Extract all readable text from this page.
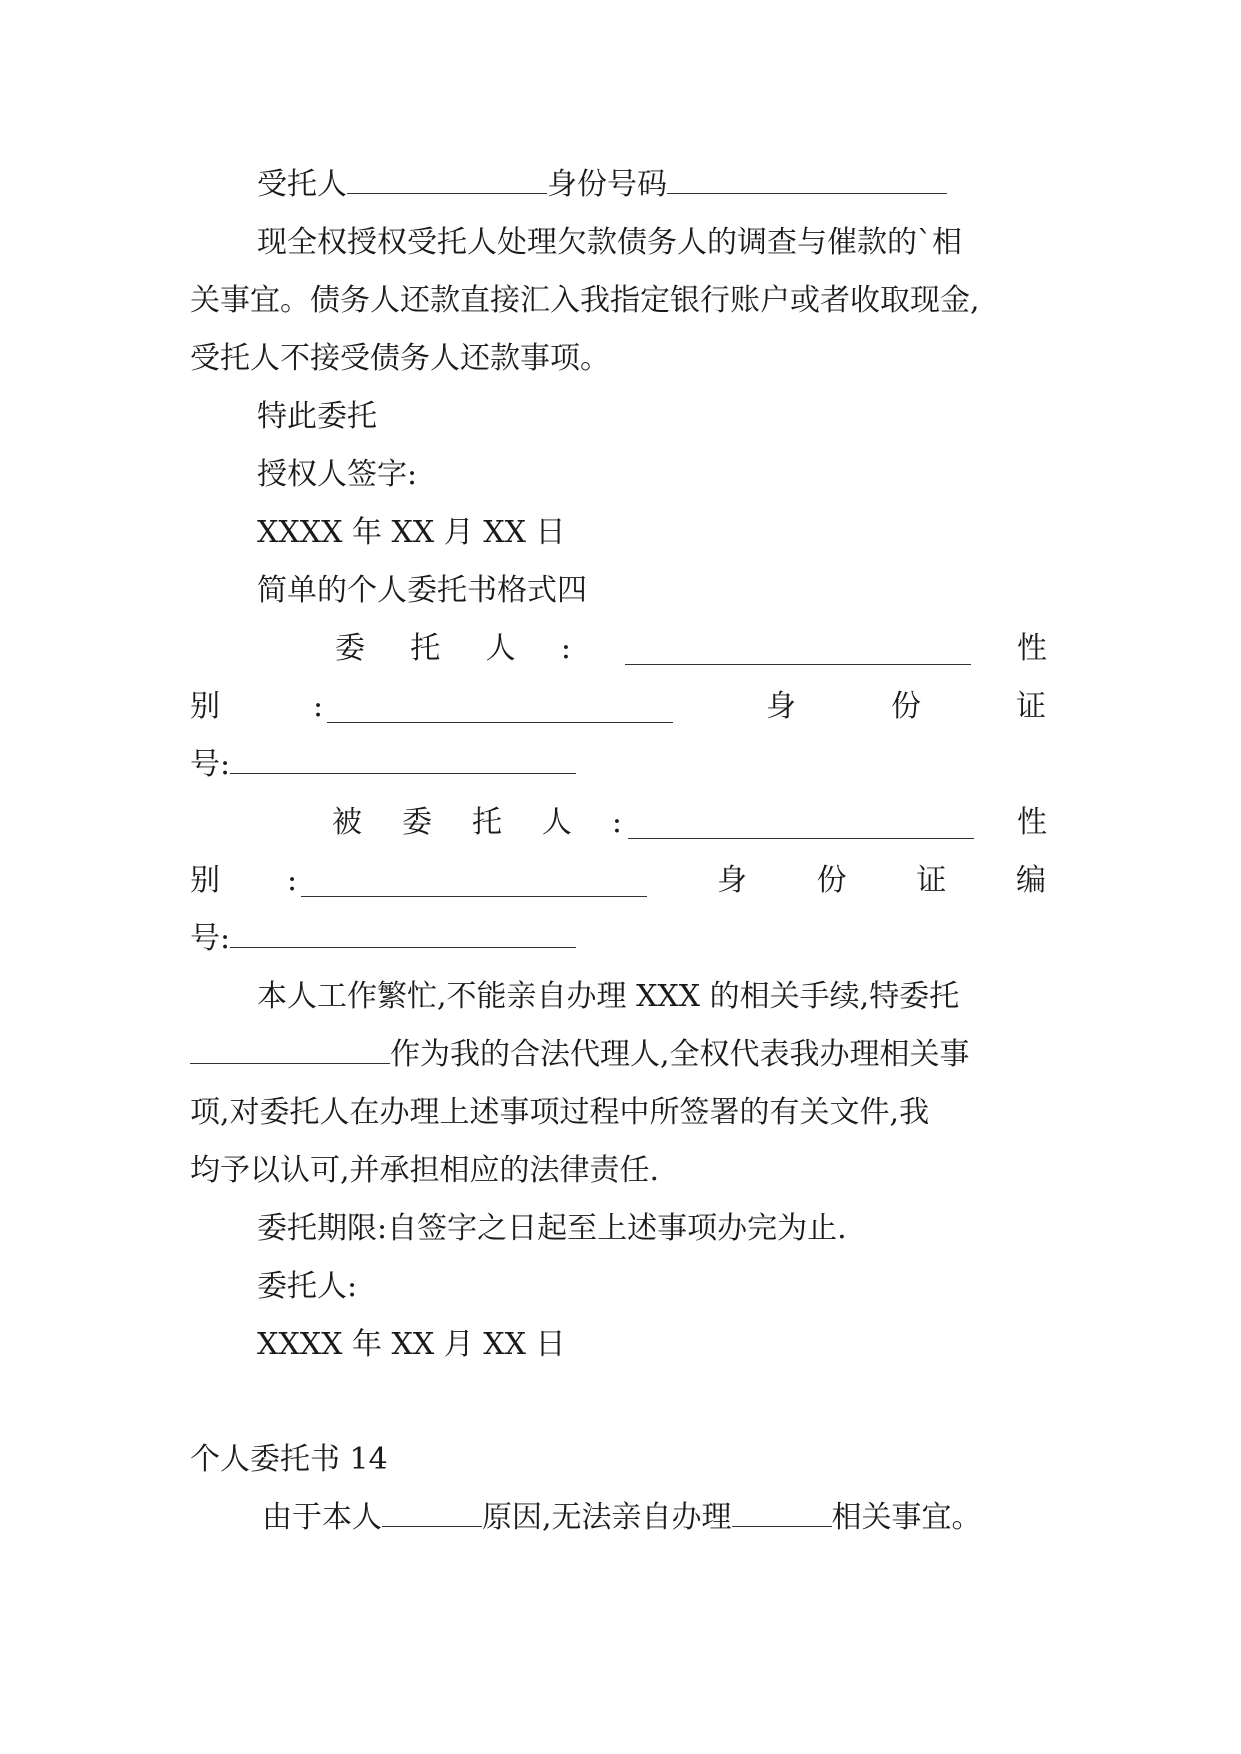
受托人	身份号码
现全权授权受托人处理欠款债务人的调查与催款的`相
关事宜。债务人还款直接汇入我指定银行账户或者收取现金,
受托人不接受债务人还款事项。
特此委托
授权人签字:
XXXX 年 XX 月 XX 日
简单的个人委托书格式四
委 托 人 :	性
别	:	身	份	证
号:
被 委 托 人 :	性
别 :	身 份 证 编
号:
本人工作繁忙,不能亲自办理 XXX 的相关手续,特委托
作为我的合法代理人,全权代表我办理相关事
项,对委托人在办理上述事项过程中所签署的有关文件,我
均予以认可,并承担相应的法律责任.
委托期限:自签字之日起至上述事项办完为止.
委托人:
XXXX 年 XX 月 XX 日
个人委托书 14
由于本人	原因,无法亲自办理	相关事宜。
